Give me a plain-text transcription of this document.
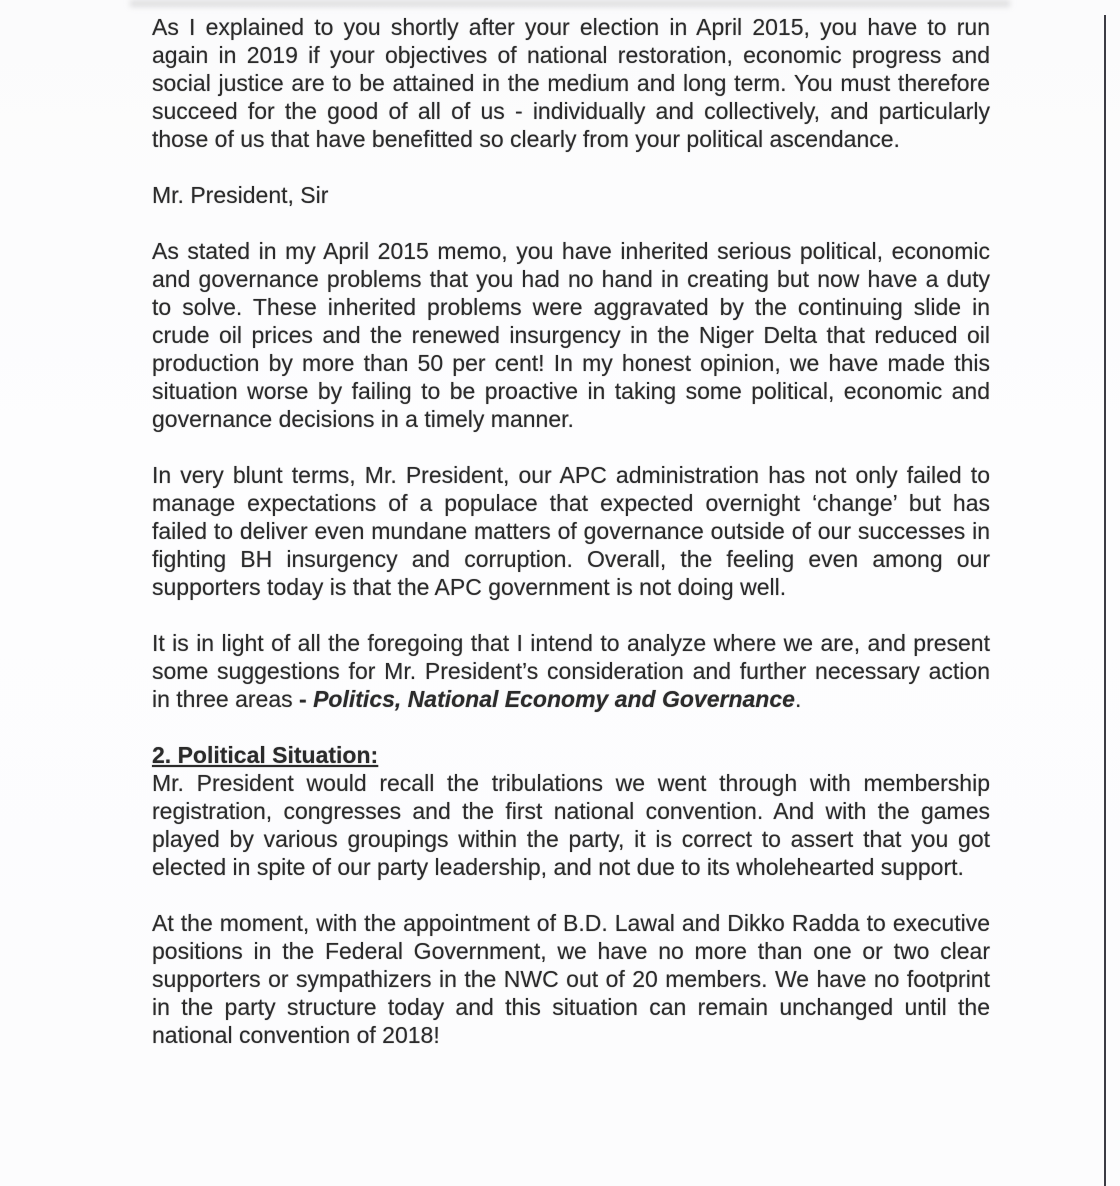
As I explained to you shortly after your election in April 2015, you have to run again in 2019 if your objectives of national restoration, economic progress and social justice are to be attained in the medium and long term. You must therefore succeed for the good of all of us - individually and collectively, and particularly those of us that have benefitted so clearly from your political ascendance.

Mr. President, Sir

As stated in my April 2015 memo, you have inherited serious political, economic and governance problems that you had no hand in creating but now have a duty to solve. These inherited problems were aggravated by the continuing slide in crude oil prices and the renewed insurgency in the Niger Delta that reduced oil production by more than 50 per cent! In my honest opinion, we have made this situation worse by failing to be proactive in taking some political, economic and governance decisions in a timely manner.

In very blunt terms, Mr. President, our APC administration has not only failed to manage expectations of a populace that expected overnight ‘change’ but has failed to deliver even mundane matters of governance outside of our successes in fighting BH insurgency and corruption. Overall, the feeling even among our supporters today is that the APC government is not doing well.

It is in light of all the foregoing that I intend to analyze where we are, and present some suggestions for Mr. President’s consideration and further necessary action in three areas - Politics, National Economy and Governance.

2. Political Situation:

Mr. President would recall the tribulations we went through with membership registration, congresses and the first national convention. And with the games played by various groupings within the party, it is correct to assert that you got elected in spite of our party leadership, and not due to its wholehearted support.

At the moment, with the appointment of B.D. Lawal and Dikko Radda to executive positions in the Federal Government, we have no more than one or two clear supporters or sympathizers in the NWC out of 20 members. We have no footprint in the party structure today and this situation can remain unchanged until the national convention of 2018!
